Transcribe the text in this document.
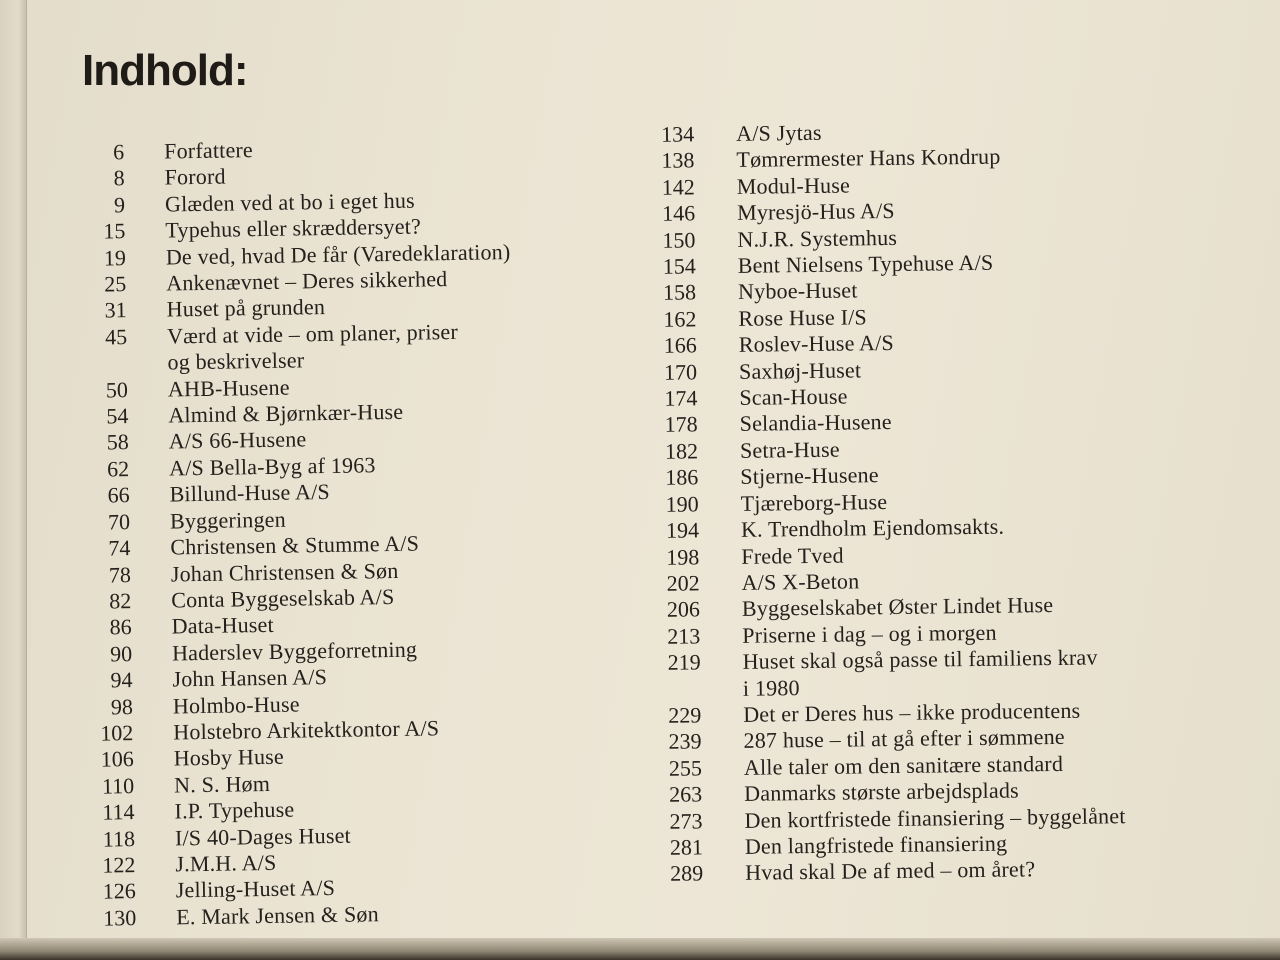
Indhold:
6 Forfattere
8 Forord
9 Glæden ved at bo i eget hus
15 Typehus eller skræddersyet?
19 De ved, hvad De får (Varedeklaration)
25 Ankenævnet – Deres sikkerhed
31 Huset på grunden
45 Værd at vide – om planer, priser
og beskrivelser
50 AHB-Husene
54 Almind & Bjørnkær-Huse
58 A/S 66-Husene
62 A/S Bella-Byg af 1963
66 Billund-Huse A/S
70 Byggeringen
74 Christensen & Stumme A/S
78 Johan Christensen & Søn
82 Conta Byggeselskab A/S
86 Data-Huset
90 Haderslev Byggeforretning
94 John Hansen A/S
98 Holmbo-Huse
102 Holstebro Arkitektkontor A/S
106 Hosby Huse
110 N. S. Høm
114 I.P. Typehuse
118 I/S 40-Dages Huset
122 J.M.H. A/S
126 Jelling-Huset A/S
130 E. Mark Jensen & Søn
134 A/S Jytas
138 Tømrermester Hans Kondrup
142 Modul-Huse
146 Myresjö-Hus A/S
150 N.J.R. Systemhus
154 Bent Nielsens Typehuse A/S
158 Nyboe-Huset
162 Rose Huse I/S
166 Roslev-Huse A/S
170 Saxhøj-Huset
174 Scan-House
178 Selandia-Husene
182 Setra-Huse
186 Stjerne-Husene
190 Tjæreborg-Huse
194 K. Trendholm Ejendomsakts.
198 Frede Tved
202 A/S X-Beton
206 Byggeselskabet Øster Lindet Huse
213 Priserne i dag – og i morgen
219 Huset skal også passe til familiens krav
i 1980
229 Det er Deres hus – ikke producentens
239 287 huse – til at gå efter i sømmene
255 Alle taler om den sanitære standard
263 Danmarks største arbejdsplads
273 Den kortfristede finansiering – byggelånet
281 Den langfristede finansiering
289 Hvad skal De af med – om året?
